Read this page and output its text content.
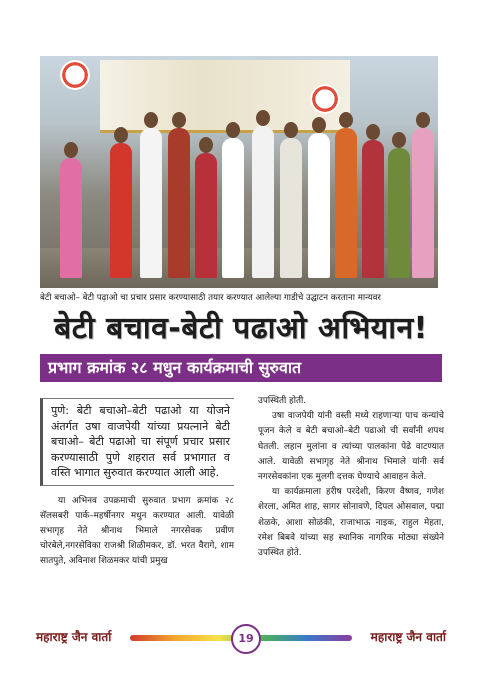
बेटी बचाओ– बेटी पढ़ाओ चा प्रचार प्रसार करण्यासाठी तयार करण्यात आलेल्या गाडीचे उद्घाटन करताना मान्यवर
बेटी बचाव-बेटी पढाओ अभियान!
प्रभाग क्रमांक २८ मधुन कार्यक्रमाची सुरुवात
पुणे: बेटी बचाओ–बेटी पढाओ या योजने अंतर्गत उषा वाजपेयी यांच्या प्रयत्नाने बेटी बचाओ– बेटी पढाओ चा संपूर्ण प्रचार प्रसार करण्यासाठी पुणे शहरात सर्व प्रभागात व वस्ति भागात सुरुवात करण्यात आली आहे.

या अभिनव उपक्रमाची सुरुवात प्रभाग क्रमांक २८ सॅलसबरी पार्क–महर्षीनगर मधुन करण्यात आली. यावेळी सभागृह नेते श्रीनाथ भिमाले नगरसेवक प्रवीण चोरबेले,नगरसेविका राजश्री शिळीमकर, डॉ. भरत वैरागे, शाम सातपुते, अविनाश शिळमकर यांची प्रमुख

उपस्थिती होती.

उषा वाजपेयी यांनी वस्ती मध्ये राहणाऱ्या पाच कन्यांचे पूजन केले व बेटी बचाओ–बेटी पढाओ ची सर्वांनी शपथ घेतली. लहान मुलांना व त्यांच्या पालकांना पेढे वाटण्यात आले. यावेळी सभागृह नेते श्रीनाथ भिमाले यांनी सर्व नगरसेवकांना एक मुलगी दत्तक घेण्याचे आवाहन केले.

या कार्यक्रमाला हरीष परदेशी, किरण वैष्णव, गणेश शेरला, अमित शाह, सागर सोनावणे, दिपल ओसवाल, पद्मा शेळके, आशा सोळंकी, राजाभाऊ नाइक, राहुल मेहता, रमेश बिबवे यांच्या सह स्थानिक नागरिक मोठ्या संख्येने उपस्थित होते.

महाराष्ट्र जैन वार्ता	19	महाराष्ट्र जैन वार्ता
